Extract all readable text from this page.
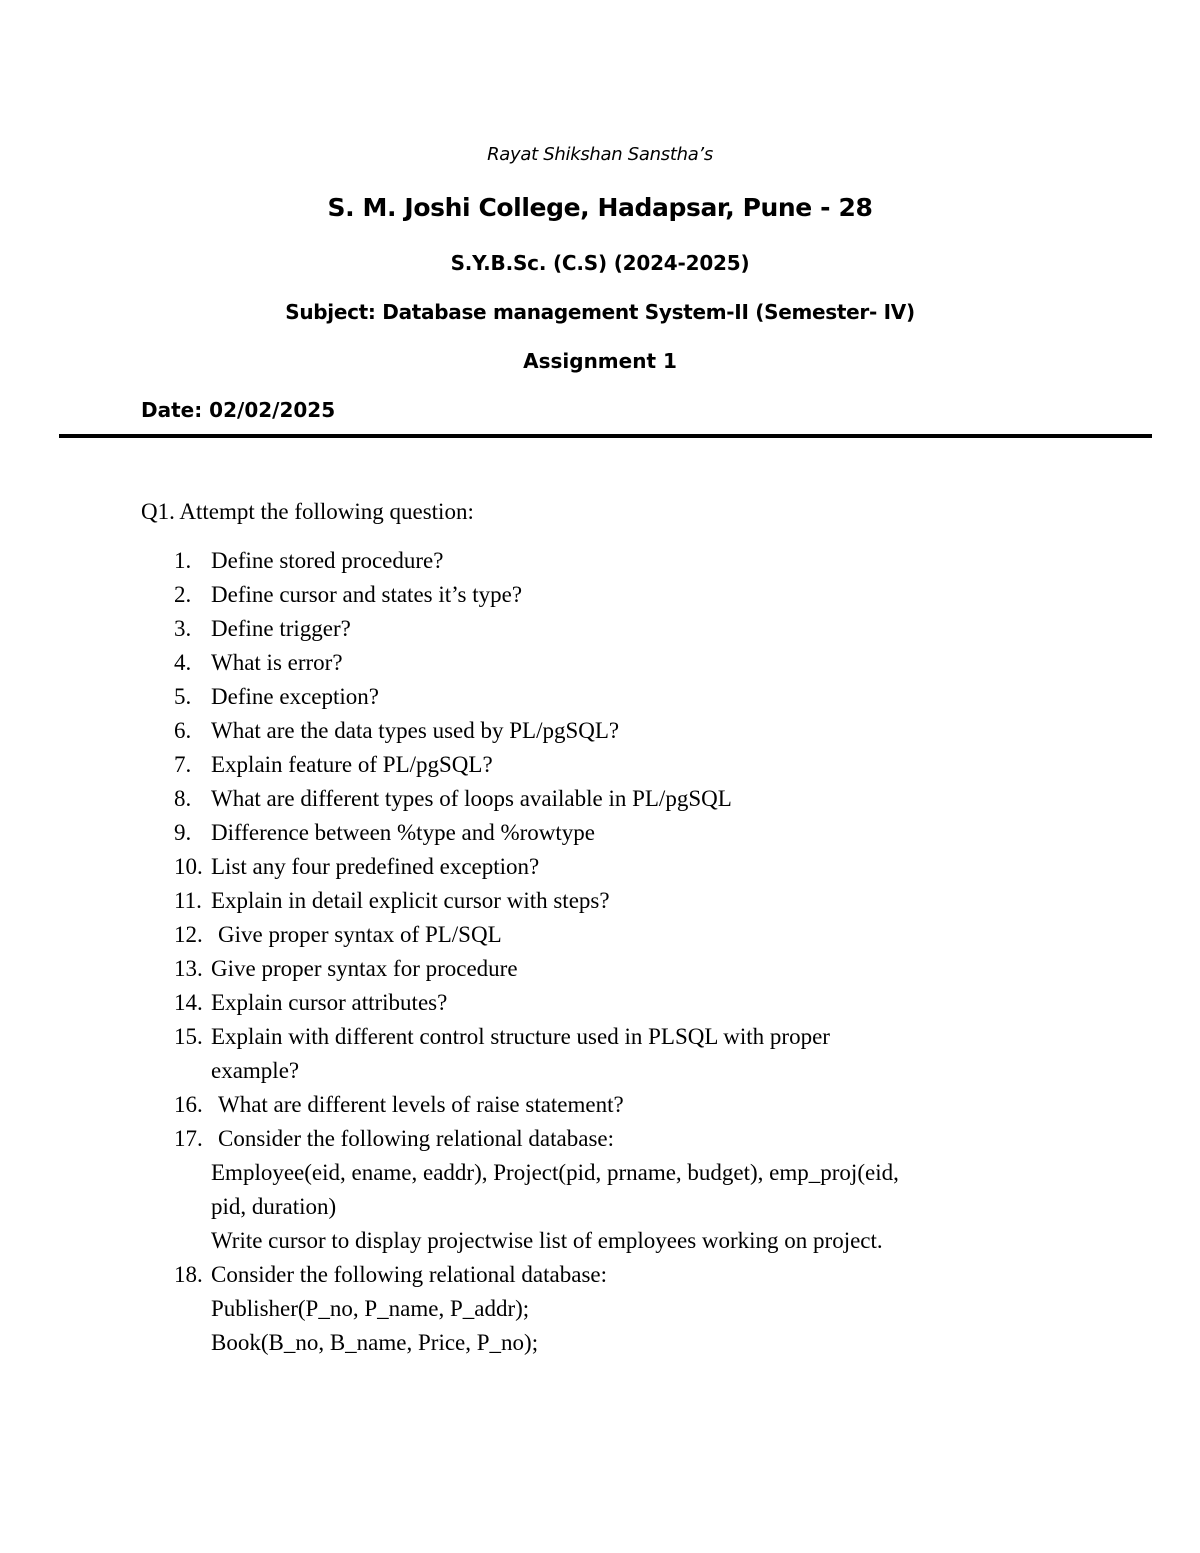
Rayat Shikshan Sanstha’s
S. M. Joshi College, Hadapsar, Pune - 28
S.Y.B.Sc. (C.S) (2024-2025)
Subject: Database management System-II (Semester- IV)
Assignment 1
Date: 02/02/2025
Q1. Attempt the following question:
1. Define stored procedure?
2. Define cursor and states it’s type?
3. Define trigger?
4. What is error?
5. Define exception?
6. What are the data types used by PL/pgSQL?
7. Explain feature of PL/pgSQL?
8. What are different types of loops available in PL/pgSQL
9. Difference between %type and %rowtype
10. List any four predefined exception?
11. Explain in detail explicit cursor with steps?
12. Give proper syntax of PL/SQL
13. Give proper syntax for procedure
14. Explain cursor attributes?
15. Explain with different control structure used in PLSQL with proper
example?
16. What are different levels of raise statement?
17. Consider the following relational database:
Employee(eid, ename, eaddr), Project(pid, prname, budget), emp_proj(eid,
pid, duration)
Write cursor to display projectwise list of employees working on project.
18. Consider the following relational database:
Publisher(P_no, P_name, P_addr);
Book(B_no, B_name, Price, P_no);
